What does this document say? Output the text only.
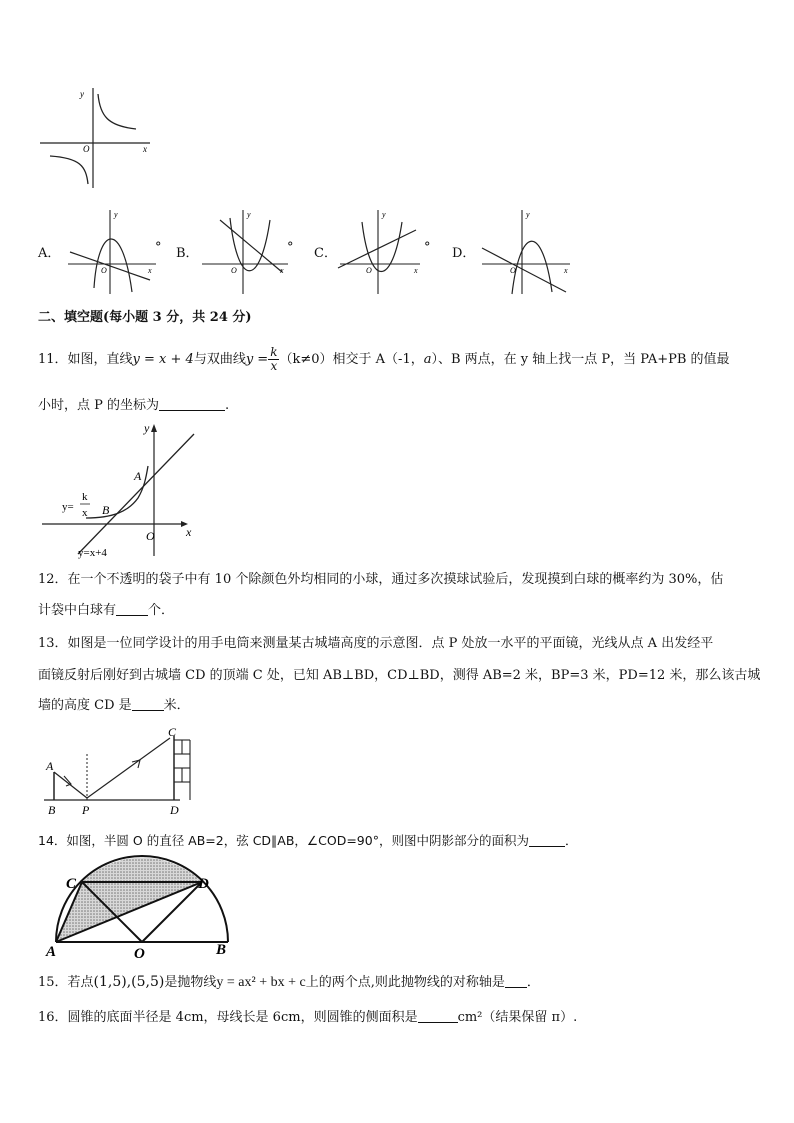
y
x
O
A．
y
x
O
° B．
y
x
O
° C．
y
x
O
° D．
y
x
O
二、填空题(每小题 3 分，共 24 分)
11．如图，直线y = x + 4与双曲线$y = \frac{k}{x} (k\ne 0)$相交于 A（-1，a）、B 两点，在 y 轴上找一点 P，当 PA+PB 的值最
小时，点 P 的坐标为	.
y
x
O
A
B
y=
k
x
y=x+4
12．在一个不透明的袋子中有 10 个除颜色外均相同的小球，通过多次摸球试验后，发现摸到白球的概率约为 30%，估
计袋中白球有 个．
13．如图是一位同学设计的用手电筒来测量某古城墙高度的示意图．点 P 处放一水平的平面镜，光线从点 A 出发经平
面镜反射后刚好到古城墙 CD 的顶端 C 处，已知 AB⊥BD，CD⊥BD，测得 AB=2 米，BP=3 米，PD=12 米，那么该古城
墙的高度 CD 是 米．
A
B P
C
D
14．如图，半圆 O 的直径 AB=2，弦 CD∥AB，∠COD=90°，则图中阴影部分的面积为	．
C	D
A	O	B
15．若点(1,5),(5,5)是抛物线y = ax² + bx + c上的两个点,则此抛物线的对称轴是 ．
16．圆锥的底面半径是 4cm，母线长是 6cm，则圆锥的侧面积是	cm²（结果保留 π）.
